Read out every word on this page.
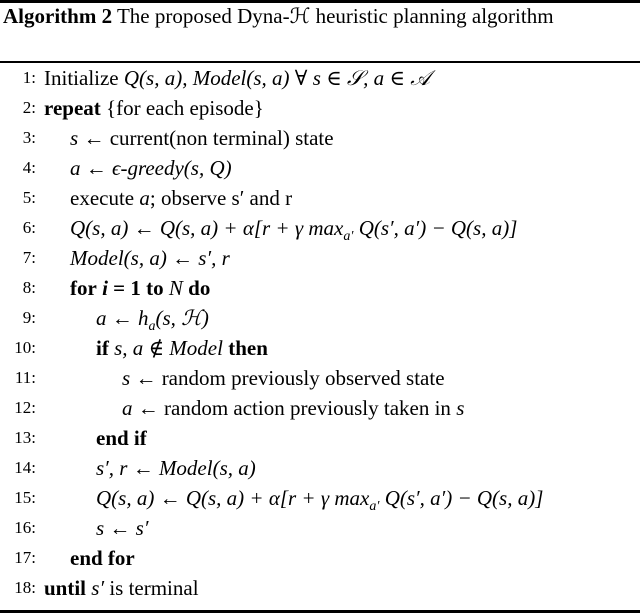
Algorithm 2 The proposed Dyna-ℋ heuristic planning algorithm
1: Initialize Q(s, a), Model(s, a) ∀ s ∈ 𝒮, a ∈ 𝒜
2: repeat {for each episode}
3: s ← current(non terminal) state
4: a ← ϵ-greedy(s, Q)
5: execute a; observe s′ and r
6: Q(s, a) ← Q(s, a) + α[r + γ $\max_{a'} Q(s'$, a′) − Q(s, a)]
7: Model(s, a) ← s′, r
8: for i = 1 to N do
9:	a ← $h_a(s$, ℋ)
10:	if s, a ∉ Model then
11:	s ← random previously observed state
12:	a ← random action previously taken in s
13:	end if
14:	s′, r ← Model(s, a)
15:	Q(s, a) ← Q(s, a) + α[r + γ $\max_{a'} Q(s'$, a′) − Q(s, a)]
16:	s ← s′
17: end for
18: until s′ is terminal
